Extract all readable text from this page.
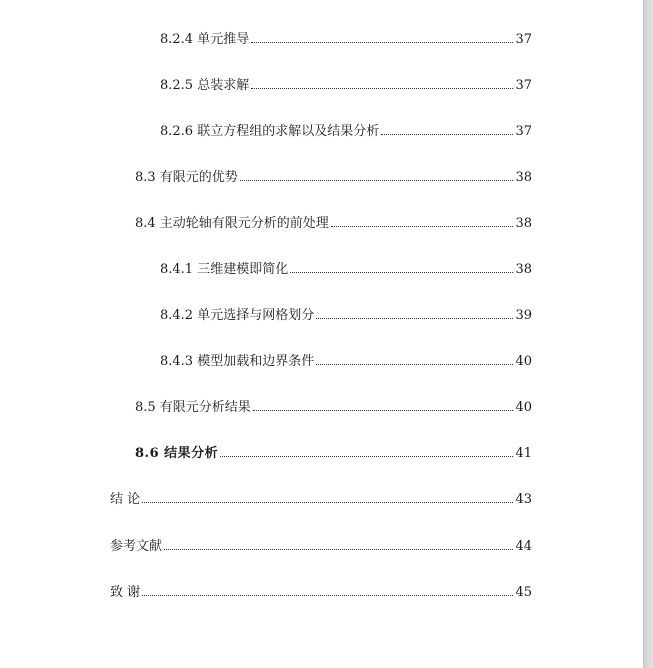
8.2.4 单元推导	37
8.2.5 总装求解	37
8.2.6 联立方程组的求解以及结果分析	37
8.3 有限元的优势	38
8.4 主动轮轴有限元分析的前处理	38
8.4.1 三维建模即简化	38
8.4.2 单元选择与网格划分	39
8.4.3 模型加载和边界条件	40
8.5 有限元分析结果	40
8.6 结果分析	41
结 论	43
参考文献	44
致 谢	45
